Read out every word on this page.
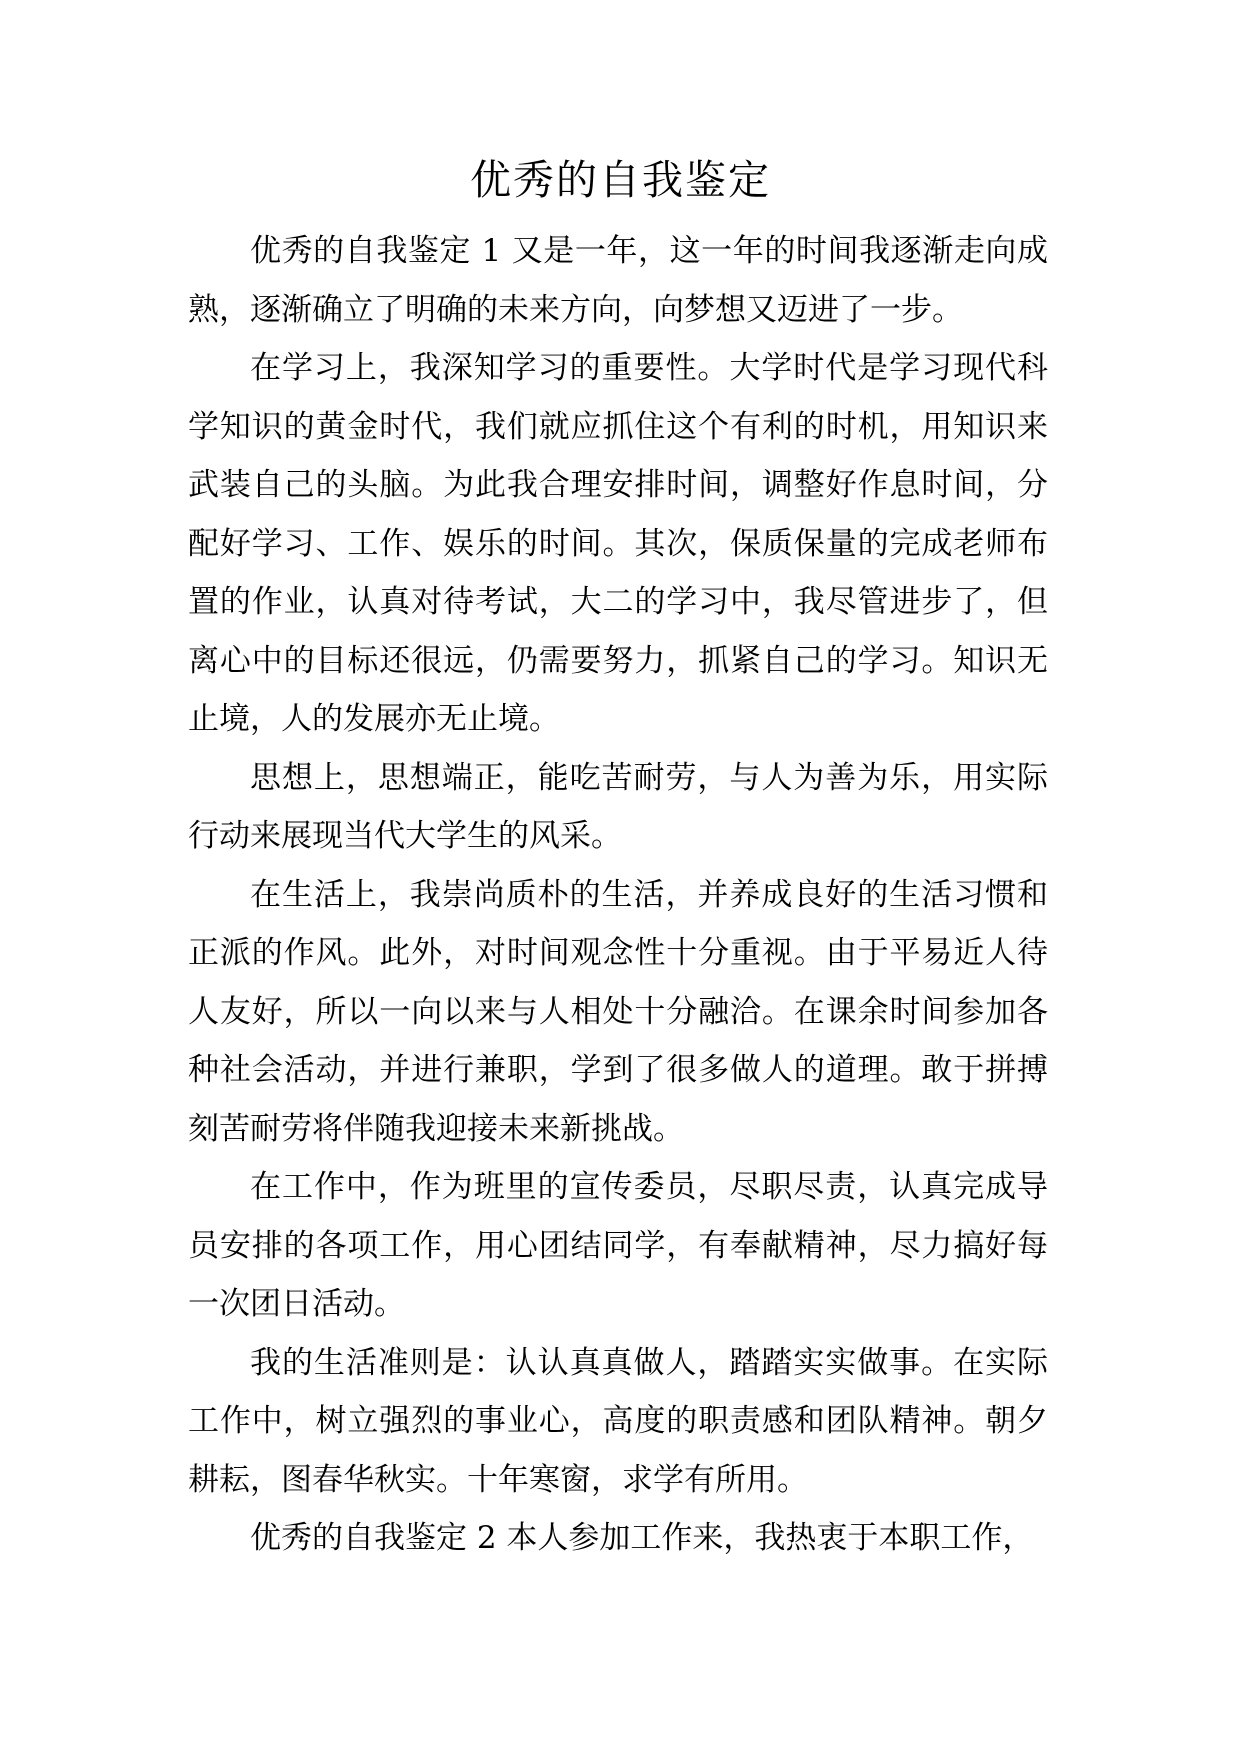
优秀的自我鉴定

优秀的自我鉴定 1 又是一年，这一年的时间我逐渐走向成熟，逐渐确立了明确的未来方向，向梦想又迈进了一步。

在学习上，我深知学习的重要性。大学时代是学习现代科学知识的黄金时代，我们就应抓住这个有利的时机，用知识来武装自己的头脑。为此我合理安排时间，调整好作息时间，分配好学习、工作、娱乐的时间。其次，保质保量的完成老师布置的作业，认真对待考试，大二的学习中，我尽管进步了，但离心中的目标还很远，仍需要努力，抓紧自己的学习。知识无止境，人的发展亦无止境。

思想上，思想端正，能吃苦耐劳，与人为善为乐，用实际行动来展现当代大学生的风采。

在生活上，我崇尚质朴的生活，并养成良好的生活习惯和正派的作风。此外，对时间观念性十分重视。由于平易近人待人友好，所以一向以来与人相处十分融洽。在课余时间参加各种社会活动，并进行兼职，学到了很多做人的道理。敢于拼搏刻苦耐劳将伴随我迎接未来新挑战。

在工作中，作为班里的宣传委员，尽职尽责，认真完成导员安排的各项工作，用心团结同学，有奉献精神，尽力搞好每一次团日活动。

我的生活准则是：认认真真做人，踏踏实实做事。在实际工作中，树立强烈的事业心，高度的职责感和团队精神。朝夕耕耘，图春华秋实。十年寒窗，求学有所用。

优秀的自我鉴定 2 本人参加工作来，我热衷于本职工作，
